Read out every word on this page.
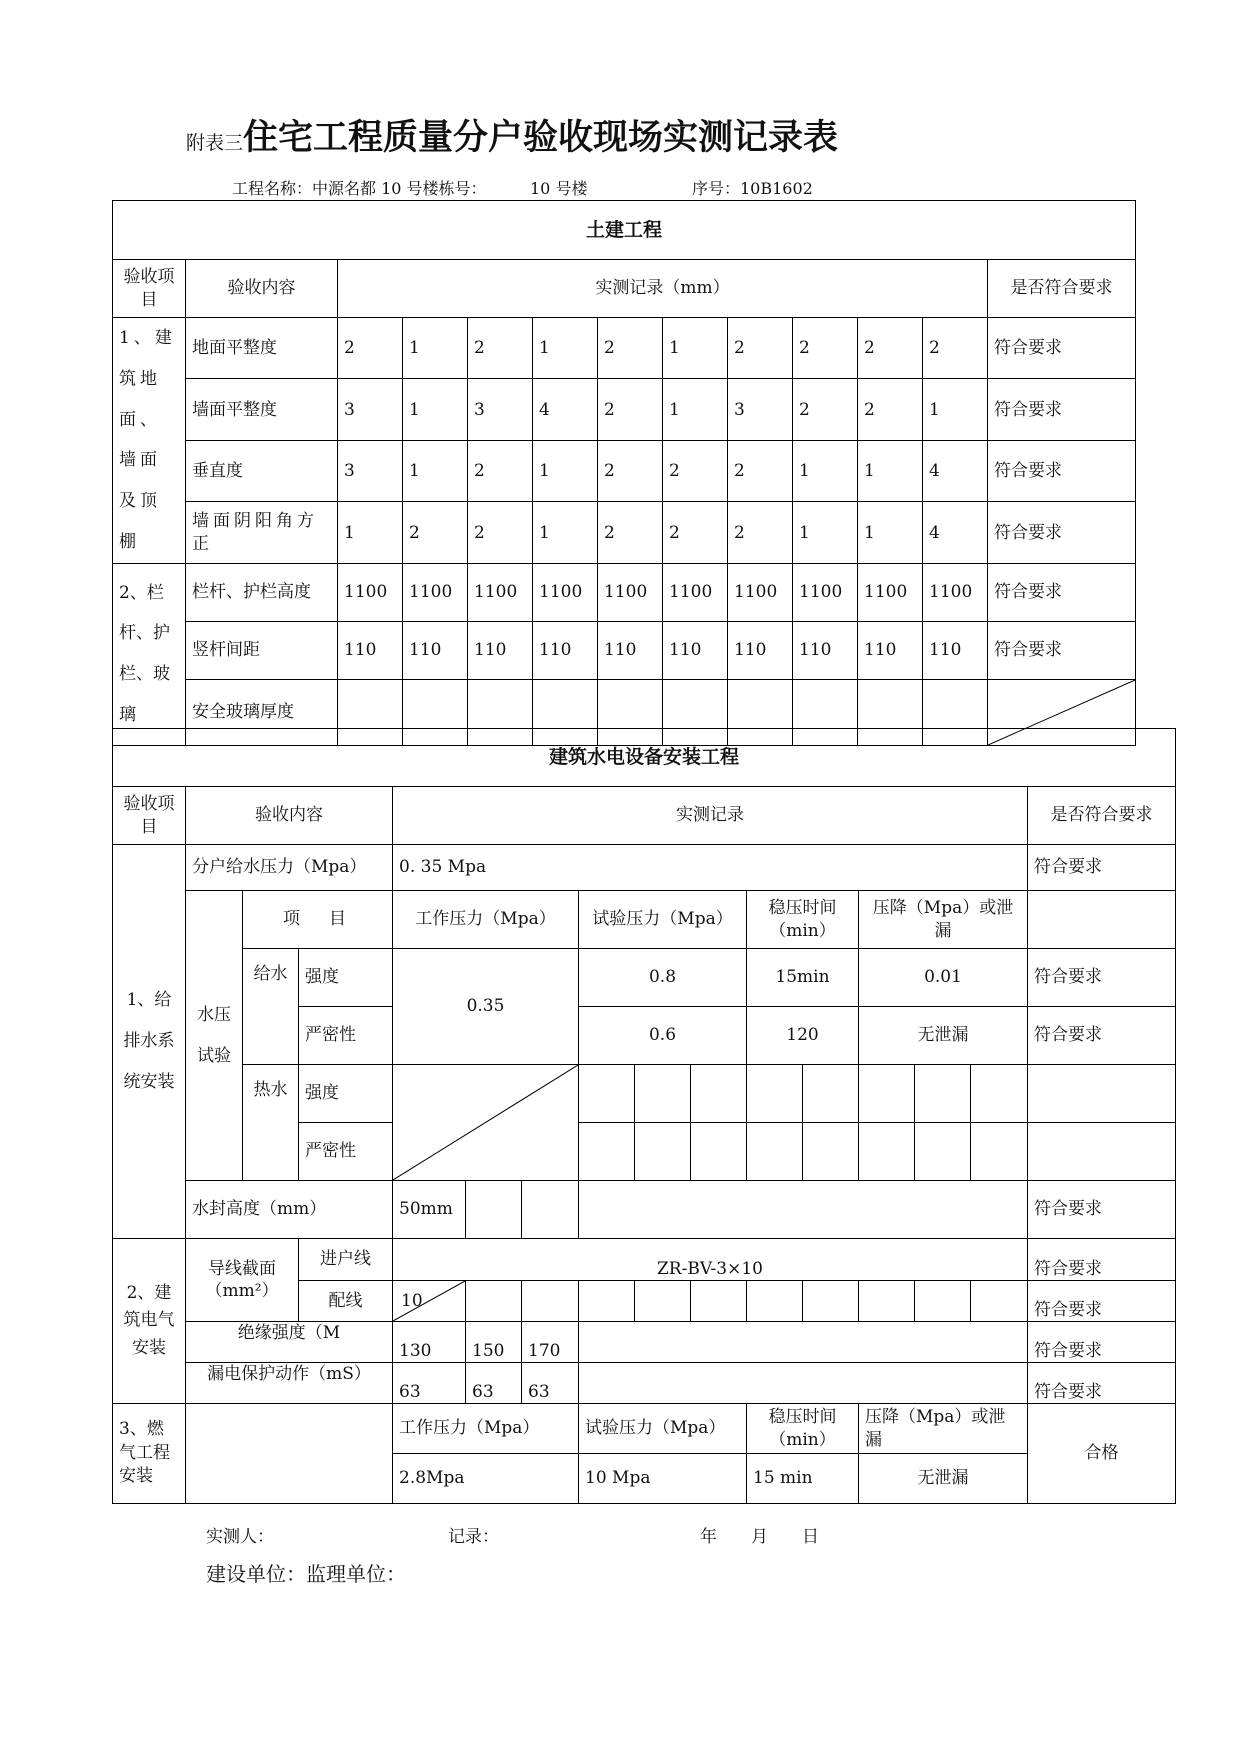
附表三住宅工程质量分户验收现场实测记录表
工程名称：中源名都 10 号楼栋号：	10 号楼	序号：10B1602
土建工程												
验收项目	验收内容	实测记录（mm）										是否符合要求
1、建筑地面、墙面及顶棚	地面平整度	2	1	2	1	2	1	2	2	2	2	符合要求
	墙面平整度	3	1	3	4	2	1	3	2	2	1	符合要求
	垂直度	3	1	2	1	2	2	2	1	1	4	符合要求
	墙面阴阳角方正	1	2	2	1	2	2	2	1	1	4	符合要求
2、栏杆、护栏、玻璃	栏杆、护栏高度	1100	1100	1100	1100	1100	1100	1100	1100	1100	1100	符合要求
	竖杆间距	110	110	110	110	110	110	110	110	110	110	符合要求
	安全玻璃厚度											
建筑水电设备安装工程															
验收项目	验收内容			实测记录											是否符合要求
1、给排水系统安装	分户给水压力（Mpa）			0. 35 Mpa											符合要求
	水压试验	项　目		工作压力（Mpa）			试验压力（Mpa）			稳压时间（min）		压降（Mpa）或泄漏			
		给水	强度	0.35			0.8			15min		0.01			符合要求
			严密性				0.6			120		无泄漏			符合要求
		热水	强度	

			严密性												
	水封高度（mm）			50mm											符合要求
2、建筑电气安装	导线截面（mm²）		进户线	ZR-BV-3×10											符合要求
			配线	10											符合要求
	绝缘强度（M			130	150	170									符合要求
	漏电保护动作（mS）			63	63	63									符合要求
3、燃气工程安装				工作压力（Mpa）			试验压力（Mpa）			稳压时间（min）		压降（Mpa）或泄漏			合格
				2.8Mpa			10 Mpa			15 min		无泄漏			
实测人：	记录：	年　　月　　日
建设单位：监理单位：
